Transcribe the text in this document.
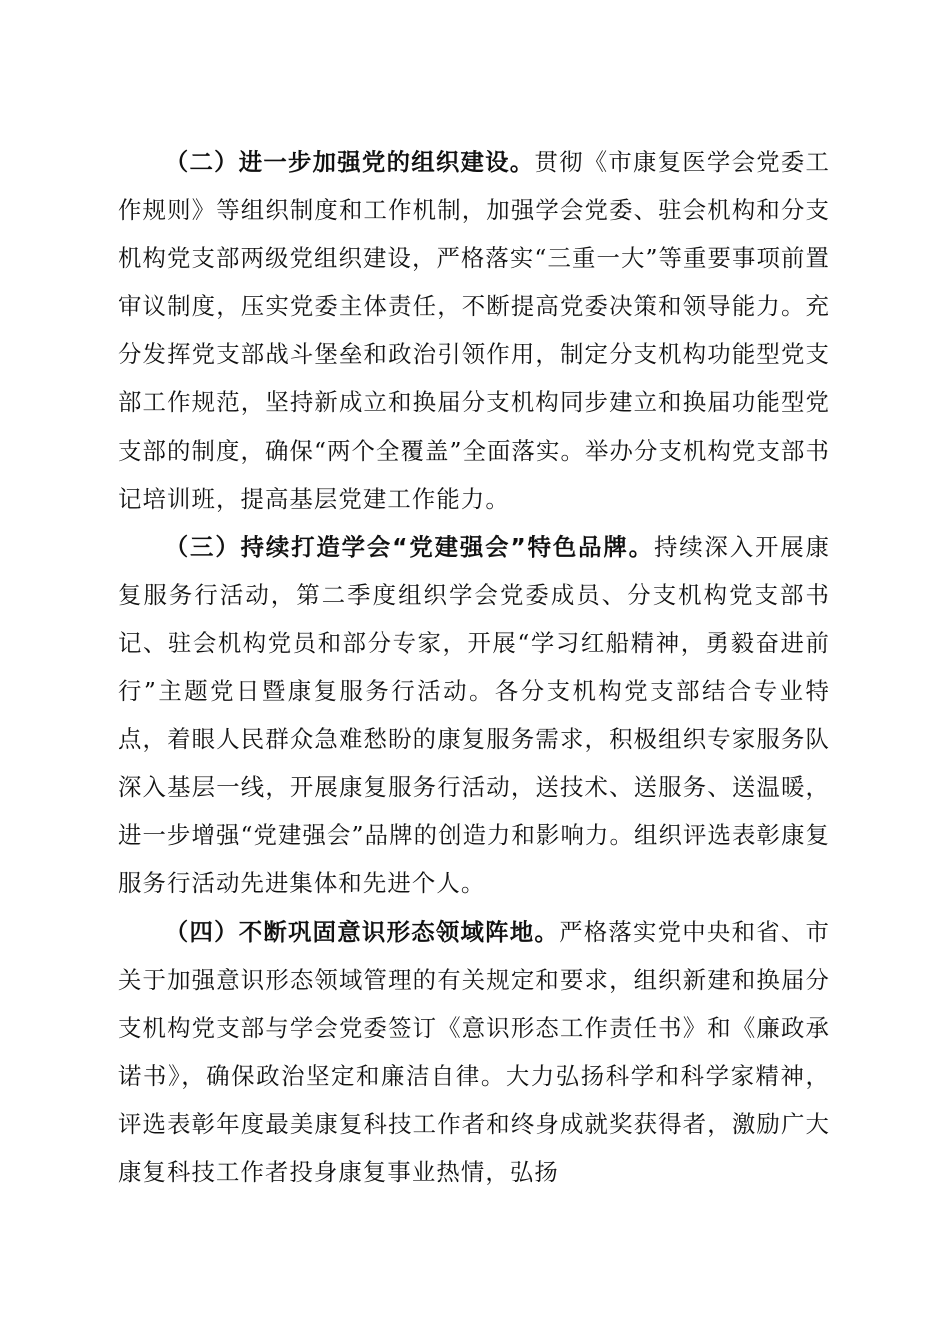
（二）进一步加强党的组织建设。贯彻《市康复医学会党委工作规则》等组织制度和工作机制，加强学会党委、驻会机构和分支机构党支部两级党组织建设，严格落实“三重一大”等重要事项前置审议制度，压实党委主体责任，不断提高党委决策和领导能力。充分发挥党支部战斗堡垒和政治引领作用，制定分支机构功能型党支部工作规范，坚持新成立和换届分支机构同步建立和换届功能型党支部的制度，确保“两个全覆盖”全面落实。举办分支机构党支部书记培训班，提高基层党建工作能力。

（三）持续打造学会“党建强会”特色品牌。持续深入开展康复服务行活动，第二季度组织学会党委成员、分支机构党支部书记、驻会机构党员和部分专家，开展“学习红船精神，勇毅奋进前行”主题党日暨康复服务行活动。各分支机构党支部结合专业特点，着眼人民群众急难愁盼的康复服务需求，积极组织专家服务队深入基层一线，开展康复服务行活动，送技术、送服务、送温暖，进一步增强“党建强会”品牌的创造力和影响力。组织评选表彰康复服务行活动先进集体和先进个人。

（四）不断巩固意识形态领域阵地。严格落实党中央和省、市关于加强意识形态领域管理的有关规定和要求，组织新建和换届分支机构党支部与学会党委签订《意识形态工作责任书》和《廉政承诺书》，确保政治坚定和廉洁自律。大力弘扬科学和科学家精神，评选表彰年度最美康复科技工作者和终身成就奖获得者，激励广大康复科技工作者投身康复事业热情，弘扬
